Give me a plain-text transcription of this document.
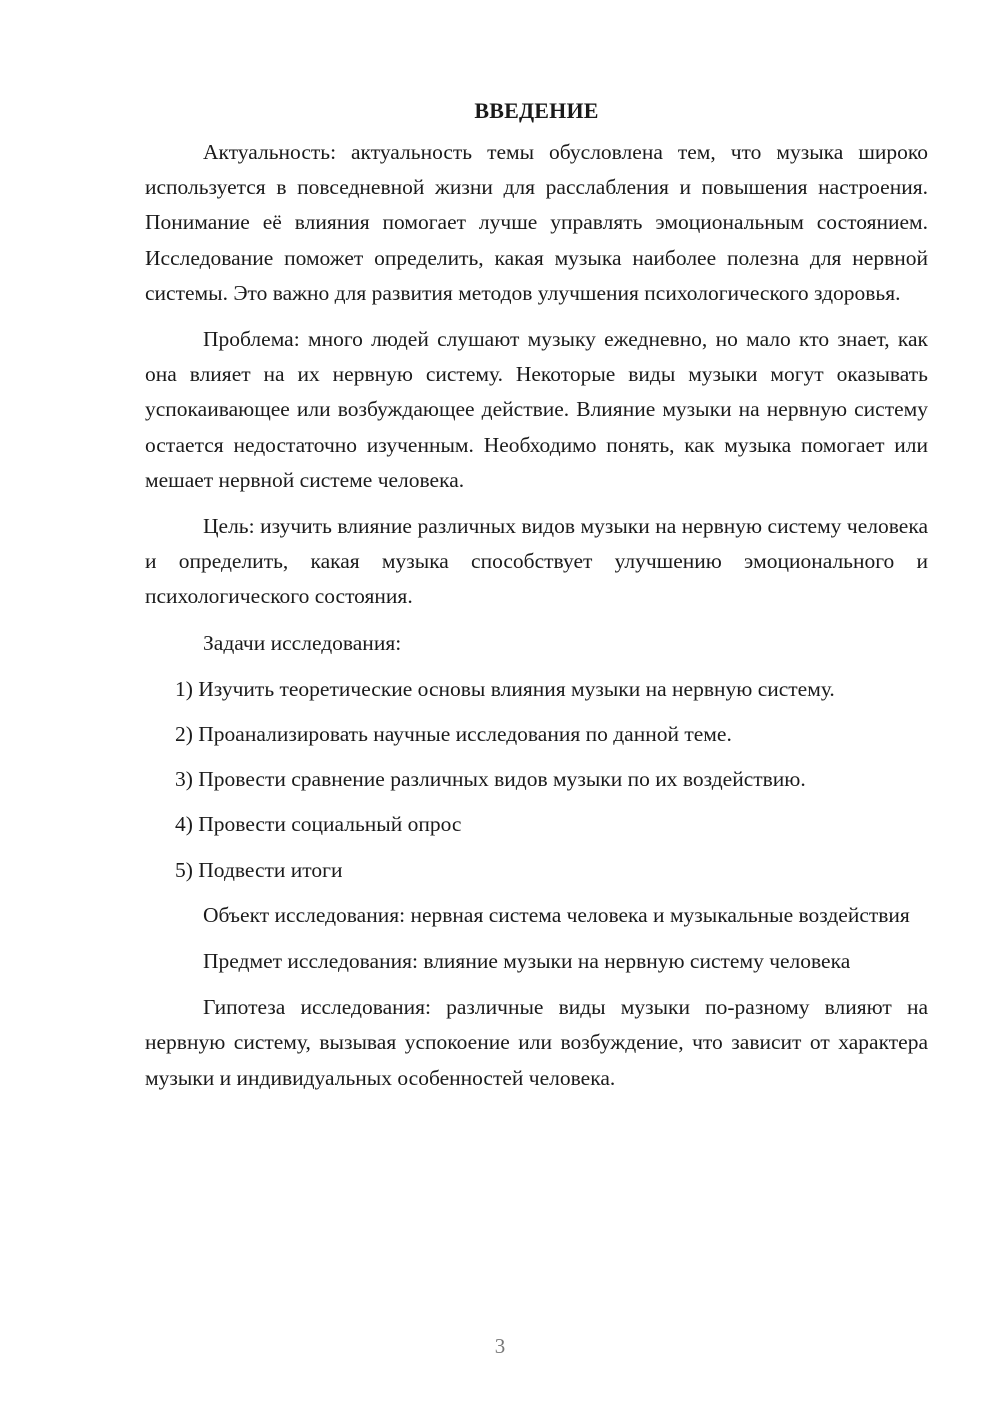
ВВЕДЕНИЕ

Актуальность: актуальность темы обусловлена тем, что музыка широко используется в повседневной жизни для расслабления и повышения настроения. Понимание её влияния помогает лучше управлять эмоциональным состоянием. Исследование поможет определить, какая музыка наиболее полезна для нервной системы. Это важно для развития методов улучшения психологического здоровья.

Проблема: много людей слушают музыку ежедневно, но мало кто знает, как она влияет на их нервную систему. Некоторые виды музыки могут оказывать успокаивающее или возбуждающее действие. Влияние музыки на нервную систему остается недостаточно изученным. Необходимо понять, как музыка помогает или мешает нервной системе человека.

Цель: изучить влияние различных видов музыки на нервную систему человека и определить, какая музыка способствует улучшению эмоционального и психологического состояния.

Задачи исследования:

1) Изучить теоретические основы влияния музыки на нервную систему.

2) Проанализировать научные исследования по данной теме.

3) Провести сравнение различных видов музыки по их воздействию.

4) Провести социальный опрос

5) Подвести итоги

Объект исследования: нервная система человека и музыкальные воздействия

Предмет исследования: влияние музыки на нервную систему человека

Гипотеза исследования: различные виды музыки по-разному влияют на нервную систему, вызывая успокоение или возбуждение, что зависит от характера музыки и индивидуальных особенностей человека.

3
